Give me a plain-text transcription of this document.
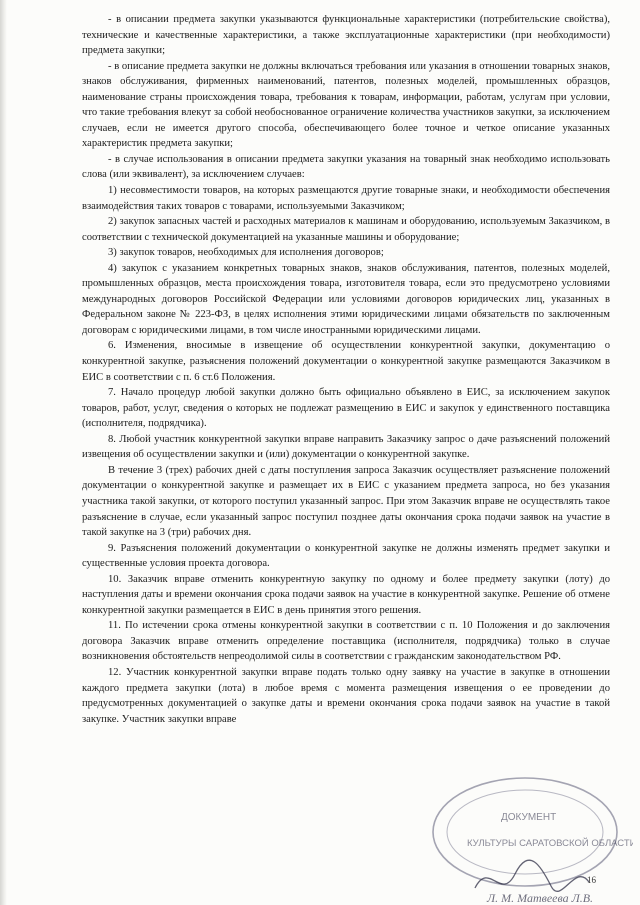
- в описании предмета закупки указываются функциональные характеристики (потребительские свойства), технические и качественные характеристики, а также эксплуатационные характеристики (при необходимости) предмета закупки;

- в описание предмета закупки не должны включаться требования или указания в отношении товарных знаков, знаков обслуживания, фирменных наименований, патентов, полезных моделей, промышленных образцов, наименование страны происхождения товара, требования к товарам, информации, работам, услугам при условии, что такие требования влекут за собой необоснованное ограничение количества участников закупки, за исключением случаев, если не имеется другого способа, обеспечивающего более точное и четкое описание указанных характеристик предмета закупки;

- в случае использования в описании предмета закупки указания на товарный знак необходимо использовать слова (или эквивалент), за исключением случаев:

1) несовместимости товаров, на которых размещаются другие товарные знаки, и необходимости обеспечения взаимодействия таких товаров с товарами, используемыми Заказчиком;

2) закупок запасных частей и расходных материалов к машинам и оборудованию, используемым Заказчиком, в соответствии с технической документацией на указанные машины и оборудование;

3) закупок товаров, необходимых для исполнения договоров;

4) закупок с указанием конкретных товарных знаков, знаков обслуживания, патентов, полезных моделей, промышленных образцов, места происхождения товара, изготовителя товара, если это предусмотрено условиями международных договоров Российской Федерации или условиями договоров юридических лиц, указанных в Федеральном законе № 223-ФЗ, в целях исполнения этими юридическими лицами обязательств по заключенным договорам с юридическими лицами, в том числе иностранными юридическими лицами.

6. Изменения, вносимые в извещение об осуществлении конкурентной закупки, документацию о конкурентной закупке, разъяснения положений документации о конкурентной закупке размещаются Заказчиком в ЕИС в соответствии с п. 6 ст.6 Положения.

7. Начало процедур любой закупки должно быть официально объявлено в ЕИС, за исключением закупок товаров, работ, услуг, сведения о которых не подлежат размещению в ЕИС и закупок у единственного поставщика (исполнителя, подрядчика).

8. Любой участник конкурентной закупки вправе направить Заказчику запрос о даче разъяснений положений извещения об осуществлении закупки и (или) документации о конкурентной закупке.

В течение 3 (трех) рабочих дней с даты поступления запроса Заказчик осуществляет разъяснение положений документации о конкурентной закупке и размещает их в ЕИС с указанием предмета запроса, но без указания участника такой закупки, от которого поступил указанный запрос. При этом Заказчик вправе не осуществлять такое разъяснение в случае, если указанный запрос поступил позднее даты окончания срока подачи заявок на участие в такой закупке на 3 (три) рабочих дня.

9. Разъяснения положений документации о конкурентной закупке не должны изменять предмет закупки и существенные условия проекта договора.

10. Заказчик вправе отменить конкурентную закупку по одному и более предмету закупки (лоту) до наступления даты и времени окончания срока подачи заявок на участие в конкурентной закупке. Решение об отмене конкурентной закупки размещается в ЕИС в день принятия этого решения.

11. По истечении срока отмены конкурентной закупки в соответствии с п. 10 Положения и до заключения договора Заказчик вправе отменить определение поставщика (исполнителя, подрядчика) только в случае возникновения обстоятельств непреодолимой силы в соответствии с гражданским законодательством РФ.

12. Участник конкурентной закупки вправе подать только одну заявку на участие в закупке в отношении каждого предмета закупки (лота) в любое время с момента размещения извещения о ее проведении до предусмотренных документацией о закупке даты и времени окончания срока подачи заявок на участие в такой закупке. Участник закупки вправе

ДОКУМЕНТ
КУЛЬТУРЫ САРАТОВСКОЙ ОБЛАСТИ
Л. М. Матвеева Л.В.
16
